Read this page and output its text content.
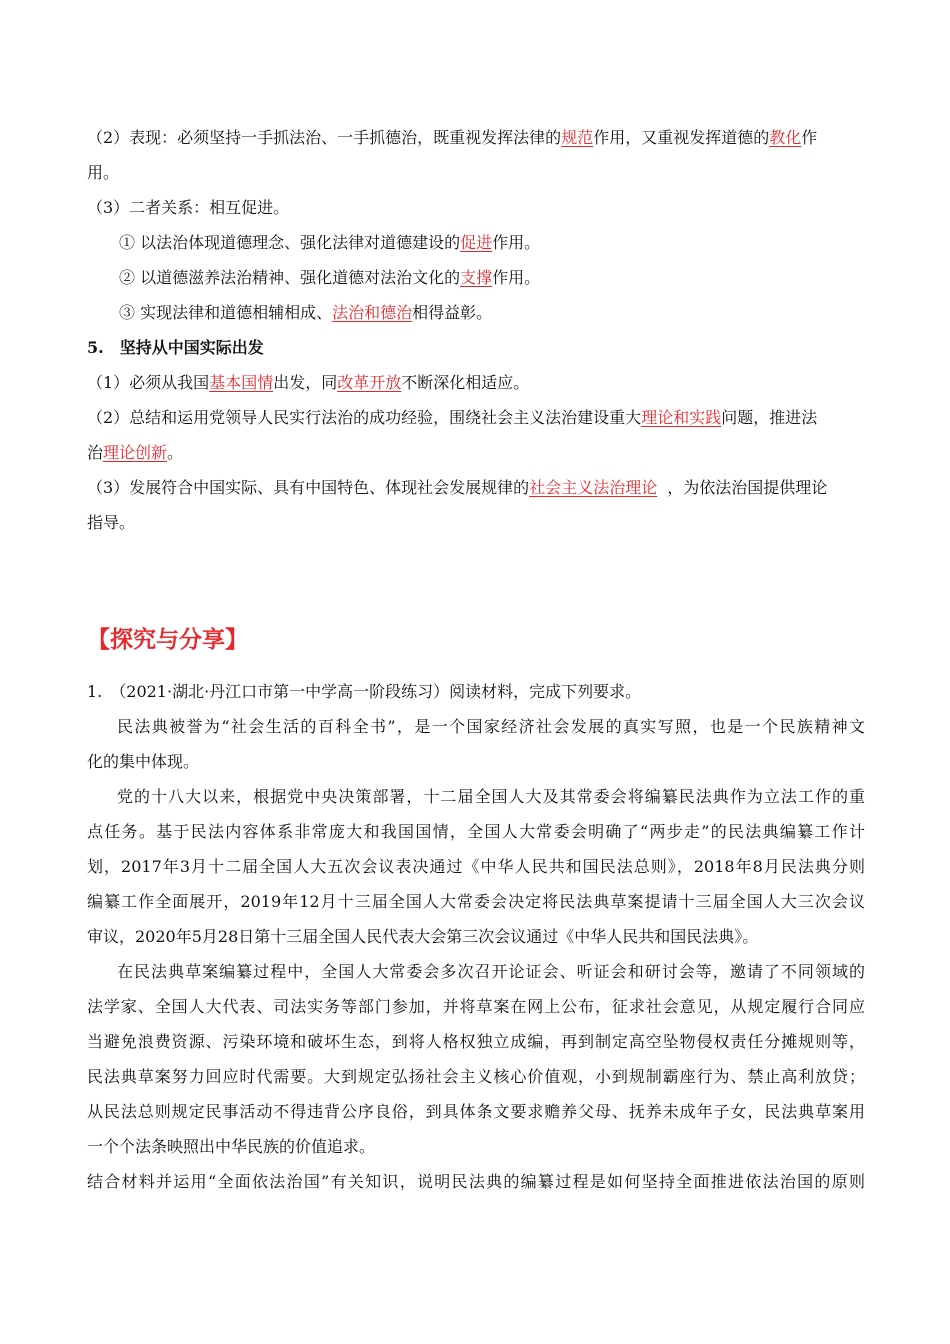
（2）表现：必须坚持一手抓法治、一手抓德治，既重视发挥法律的规范作用，又重视发挥道德的教化作
用。
（3）二者关系：相互促进。
① 以法治体现道德理念、强化法律对道德建设的促进作用。
② 以道德滋养法治精神、强化道德对法治文化的支撑作用。
③ 实现法律和道德相辅相成、法治和德治相得益彰。
5.　坚持从中国实际出发
（1）必须从我国基本国情出发，同改革开放不断深化相适应。
（2）总结和运用党领导人民实行法治的成功经验，围绕社会主义法治建设重大理论和实践问题，推进法
治理论创新。
（3）发展符合中国实际、具有中国特色、体现社会发展规律的社会主义法治理论 ，为依法治国提供理论
指导。
【探究与分享】
1.　（2021·湖北·丹江口市第一中学高一阶段练习）阅读材料，完成下列要求。
民法典被誉为“社会生活的百科全书”，是一个国家经济社会发展的真实写照，也是一个民族精神文
化的集中体现。
党的十八大以来，根据党中央决策部署，十二届全国人大及其常委会将编纂民法典作为立法工作的重
点任务。基于民法内容体系非常庞大和我国国情，全国人大常委会明确了“两步走”的民法典编纂工作计
划，2017年3月十二届全国人大五次会议表决通过《中华人民共和国民法总则》，2018年8月民法典分则
编纂工作全面展开，2019年12月十三届全国人大常委会决定将民法典草案提请十三届全国人大三次会议
审议，2020年5月28日第十三届全国人民代表大会第三次会议通过《中华人民共和国民法典》。
在民法典草案编纂过程中，全国人大常委会多次召开论证会、听证会和研讨会等，邀请了不同领域的
法学家、全国人大代表、司法实务等部门参加，并将草案在网上公布，征求社会意见，从规定履行合同应
当避免浪费资源、污染环境和破坏生态，到将人格权独立成编，再到制定高空坠物侵权责任分摊规则等，
民法典草案努力回应时代需要。大到规定弘扬社会主义核心价值观，小到规制霸座行为、禁止高利放贷；
从民法总则规定民事活动不得违背公序良俗，到具体条文要求赡养父母、抚养未成年子女，民法典草案用
一个个法条映照出中华民族的价值追求。
结合材料并运用“全面依法治国”有关知识，说明民法典的编纂过程是如何坚持全面推进依法治国的原则
